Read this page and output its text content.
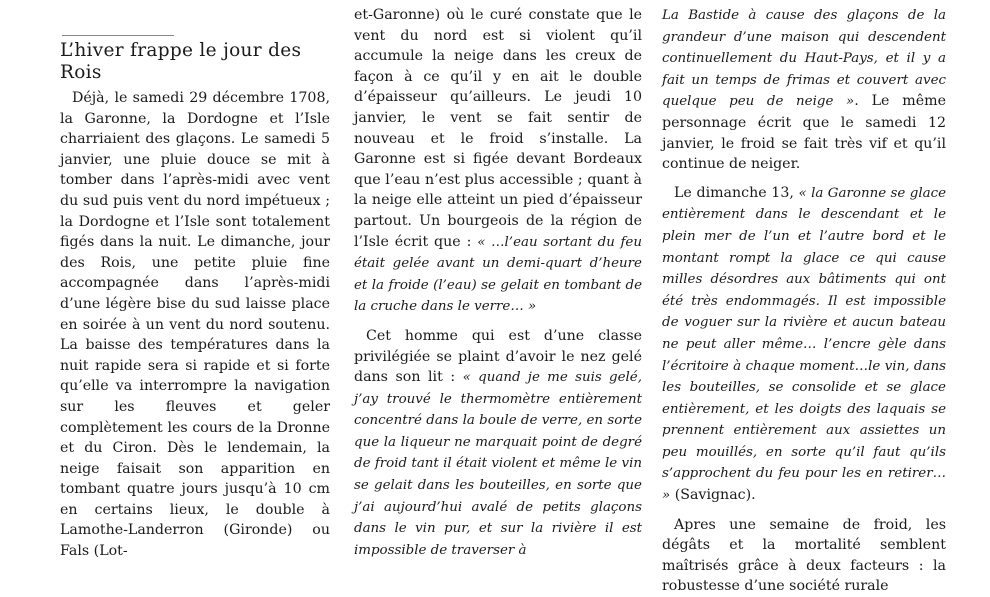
L’hiver frappe le jour des Rois

Déjà, le samedi 29 décembre 1708, la Garonne, la Dordogne et l’Isle charriaient des glaçons. Le samedi 5 janvier, une pluie douce se mit à tomber dans l’après-midi avec vent du sud puis vent du nord impétueux ; la Dordogne et l’Isle sont totalement figés dans la nuit. Le dimanche, jour des Rois, une petite pluie fine accompagnée dans l’après-midi d’une légère bise du sud laisse place en soirée à un vent du nord soutenu. La baisse des températures dans la nuit rapide sera si rapide et si forte qu’elle va interrompre la navigation sur les fleuves et geler complètement les cours de la Dronne et du Ciron. Dès le lendemain, la neige faisait son apparition en tombant quatre jours jusqu’à 10 cm en certains lieux, le double à Lamothe-Landerron (Gironde) ou Fals (Lot-

et-Garonne) où le curé constate que le vent du nord est si violent qu’il accumule la neige dans les creux de façon à ce qu’il y en ait le double d’épaisseur qu’ailleurs. Le jeudi 10 janvier, le vent se fait sentir de nouveau et le froid s’installe. La Garonne est si figée devant Bordeaux que l’eau n’est plus accessible ; quant à la neige elle atteint un pied d’épaisseur partout. Un bourgeois de la région de l’Isle écrit que : « …l’eau sortant du feu était gelée avant un demi-quart d’heure et la froide (l’eau) se gelait en tombant de la cruche dans le verre… »

Cet homme qui est d’une classe privilégiée se plaint d’avoir le nez gelé dans son lit : « quand je me suis gelé, j’ay trouvé le thermomètre entièrement concentré dans la boule de verre, en sorte que la liqueur ne marquait point de degré de froid tant il était violent et même le vin se gelait dans les bouteilles, en sorte que j’ai aujourd’hui avalé de petits glaçons dans le vin pur, et sur la rivière il est impossible de traverser à

La Bastide à cause des glaçons de la grandeur d’une maison qui descendent continuellement du Haut-Pays, et il y a fait un temps de frimas et couvert avec quelque peu de neige ». Le même personnage écrit que le samedi 12 janvier, le froid se fait très vif et qu’il continue de neiger.

Le dimanche 13, « la Garonne se glace entièrement dans le descendant et le plein mer de l’un et l’autre bord et le montant rompt la glace ce qui cause milles désordres aux bâtiments qui ont été très endommagés. Il est impossible de voguer sur la rivière et aucun bateau ne peut aller même… l’encre gèle dans l’écritoire à chaque moment…le vin, dans les bouteilles, se consolide et se glace entièrement, et les doigts des laquais se prennent entièrement aux assiettes un peu mouillés, en sorte qu’il faut qu’ils s’approchent du feu pour les en retirer… » (Savignac).

Apres une semaine de froid, les dégâts et la mortalité semblent maîtrisés grâce à deux facteurs : la robustesse d’une société rurale
